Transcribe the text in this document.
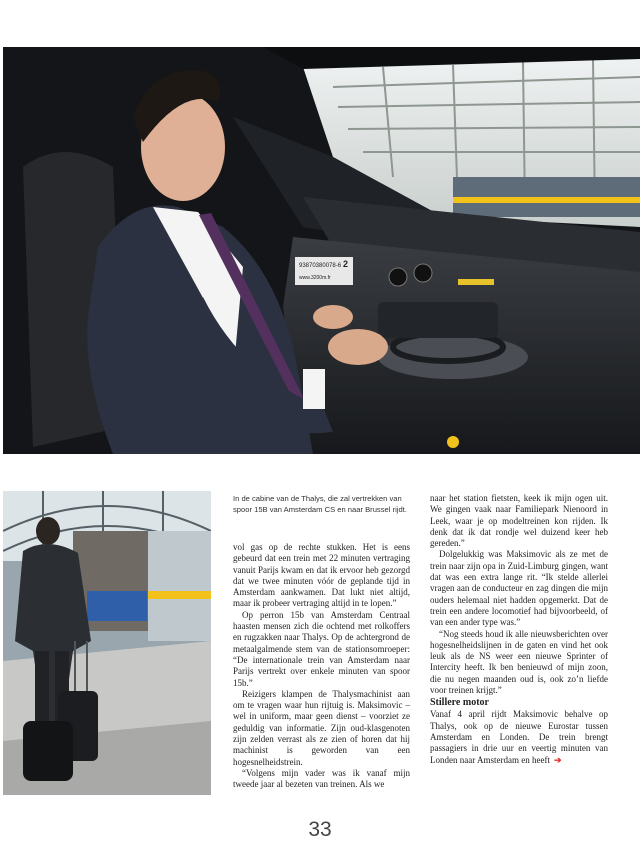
93870380078-6 2
www.3200m.fr
In de cabine van de Thalys, die zal vertrekken van spoor 15B van Amsterdam CS en naar Brussel rijdt.

vol gas op de rechte stukken. Het is eens gebeurd dat een trein met 22 minuten vertraging vanuit Parijs kwam en dat ik ervoor heb gezorgd dat we twee minuten vóór de geplande tijd in Amsterdam aankwamen. Dat lukt niet altijd, maar ik probeer vertraging altijd in te lopen.”

Op perron 15b van Amsterdam Centraal haasten mensen zich die ochtend met rolkoffers en rugzakken naar Thalys. Op de achtergrond de metaalgalmende stem van de stationsomroeper: “De internationale trein van Amsterdam naar Parijs vertrekt over enkele minuten van spoor 15b.”

Reizigers klampen de Thalysmachinist aan om te vragen waar hun rijtuig is. Maksimovic – wel in uniform, maar geen dienst – voorziet ze geduldig van informatie. Zijn oud-klasgenoten zijn zelden verrast als ze zien of horen dat hij machinist is geworden van een hogesnelheidstrein.

“Volgens mijn vader was ik vanaf mijn tweede jaar al bezeten van treinen. Als we

naar het station fietsten, keek ik mijn ogen uit. We gingen vaak naar Familiepark Nienoord in Leek, waar je op modeltreinen kon rijden. Ik denk dat ik dat rondje wel duizend keer heb gereden.”

Dolgelukkig was Maksimovic als ze met de trein naar zijn opa in Zuid-Limburg gingen, want dat was een extra lange rit. “Ik stelde allerlei vragen aan de conducteur en zag dingen die mijn ouders helemaal niet hadden opgemerkt. Dat de trein een andere locomotief had bijvoorbeeld, of van een ander type was.”

“Nog steeds houd ik alle nieuwsberichten over hogesnelheidslijnen in de gaten en vind het ook leuk als de NS weer een nieuwe Sprinter of Intercity heeft. Ik ben benieuwd of mijn zoon, die nu negen maanden oud is, ook zo’n liefde voor treinen krijgt.”

Stillere motor

Vanaf 4 april rijdt Maksimovic behalve op Thalys, ook op de nieuwe Eurostar tussen Amsterdam en Londen. De trein brengt passagiers in drie uur en veertig minuten van Londen naar Amsterdam en heeft ➔

33
